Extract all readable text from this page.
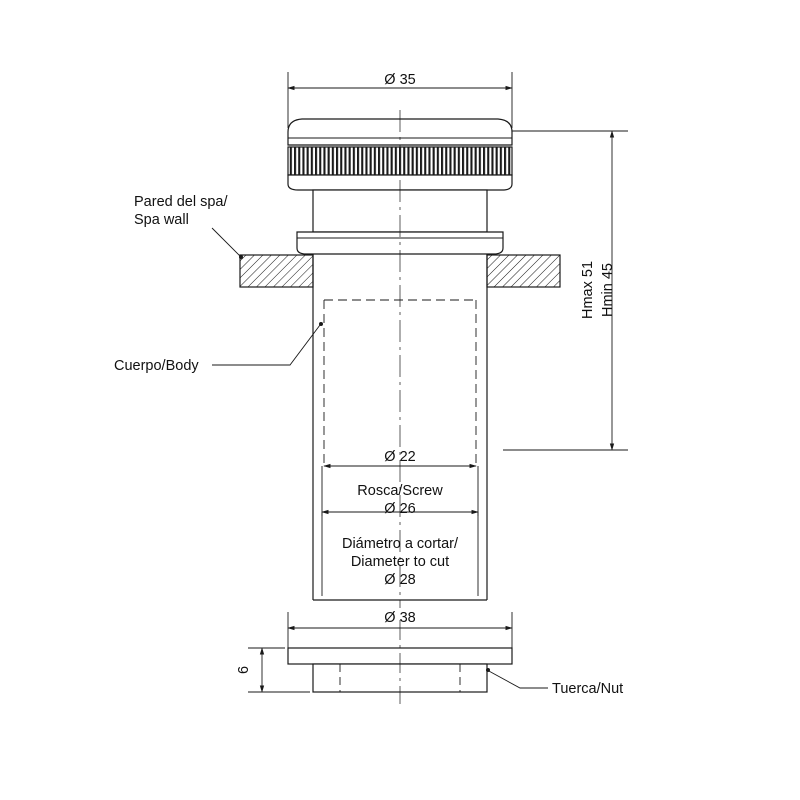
Ø 35
Pared del spa/
Spa wall
Cuerpo/Body
Hmax 51 Hmin 45
Ø 22
Rosca/Screw
Ø 26
Diámetro a cortar/
Diameter to cut
Ø 28
Ø 38
6
Tuerca/Nut
